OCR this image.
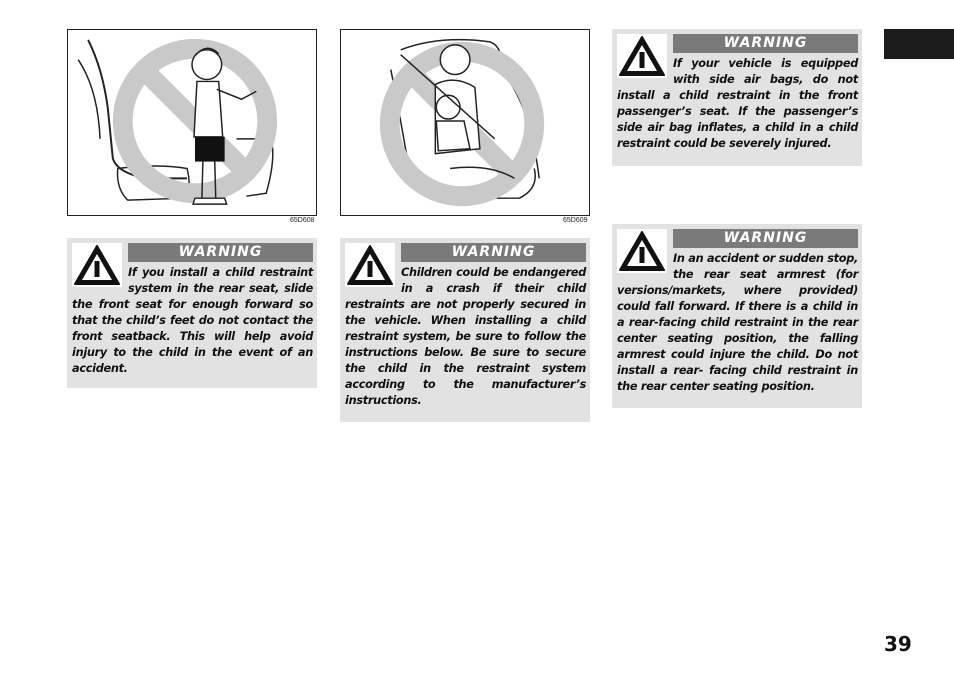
65D608	65D609
WARNING
If you install a child restraint system in the rear seat, slide the front seat for enough forward so that the child’s feet do not contact the front seatback. This will help avoid injury to the child in the event of an accident.
WARNING
Children could be endangered in a crash if their child restraints are not properly secured in the vehicle. When installing a child restraint system, be sure to follow the instructions below. Be sure to secure the child in the restraint system according to the manufacturer’s instructions.
WARNING
If your vehicle is equipped with side air bags, do not install a child restraint in the front passenger’s seat. If the passenger’s side air bag inflates, a child in a child restraint could be severely injured.
WARNING
In an accident or sudden stop, the rear seat armrest (for versions/markets, where provided) could fall forward. If there is a child in a rear-facing child restraint in the rear center seating position, the falling armrest could injure the child. Do not install a rear- facing child restraint in the rear center seating position.
39
